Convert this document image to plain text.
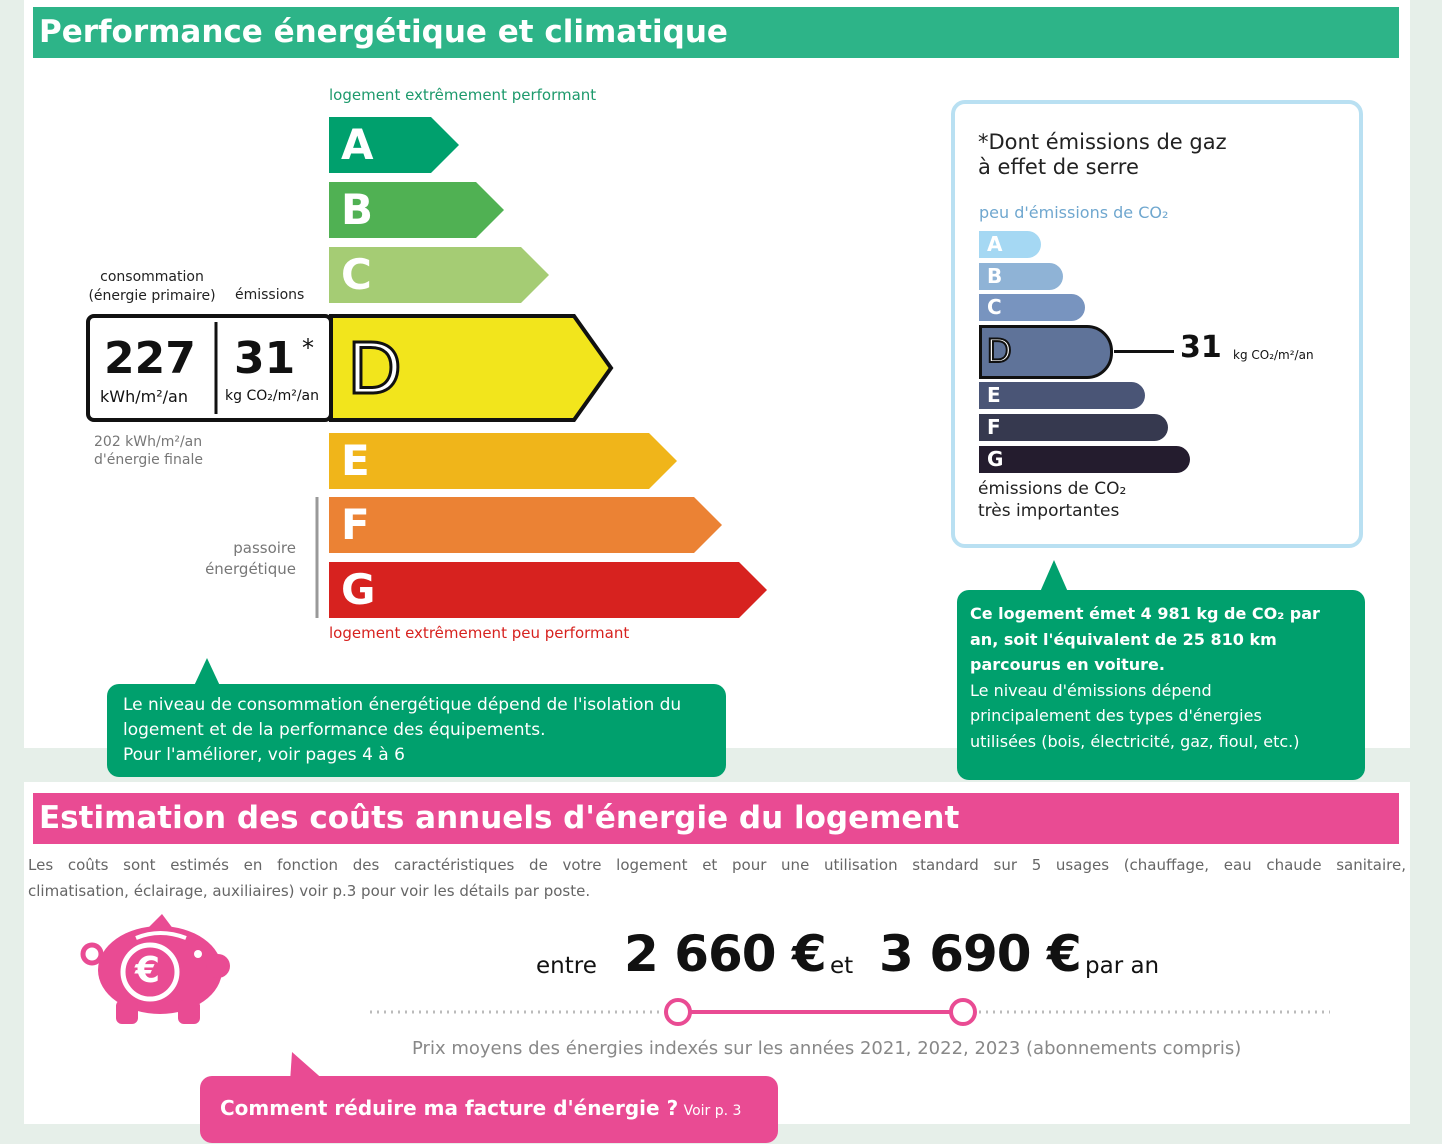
Performance énergétique et climatique
logement extrêmement performant
A
B
C
D
E
F
G
logement extrêmement peu performant
consommation
(énergie primaire) émissions
227
kWh/m²/an
31 *
kg CO₂/m²/an
202 kWh/m²/an
d'énergie finale
passoire
énergétique
Le niveau de consommation énergétique dépend de l'isolation du
logement et de la performance des équipements.
Pour l'améliorer, voir pages 4 à 6
*Dont émissions de gaz
à effet de serre
peu d'émissions de CO₂
A
B
C
D
E
F
G
31 kg CO₂/m²/an
émissions de CO₂
très importantes
Ce logement émet 4 981 kg de CO₂ par
an, soit l'équivalent de 25 810 km
parcourus en voiture.
Le niveau d'émissions dépend
principalement des types d'énergies
utilisées (bois, électricité, gaz, fioul, etc.)
Estimation des coûts annuels d'énergie du logement
Les coûts sont estimés en fonction des caractéristiques de votre logement et pour une utilisation standard sur 5 usages (chauffage, eau chaude sanitaire,
climatisation, éclairage, auxiliaires) voir p.3 pour voir les détails par poste.
€	entre 2 660 € et 3 690 € par an
Prix moyens des énergies indexés sur les années 2021, 2022, 2023 (abonnements compris)
Comment réduire ma facture d'énergie ? Voir p. 3
